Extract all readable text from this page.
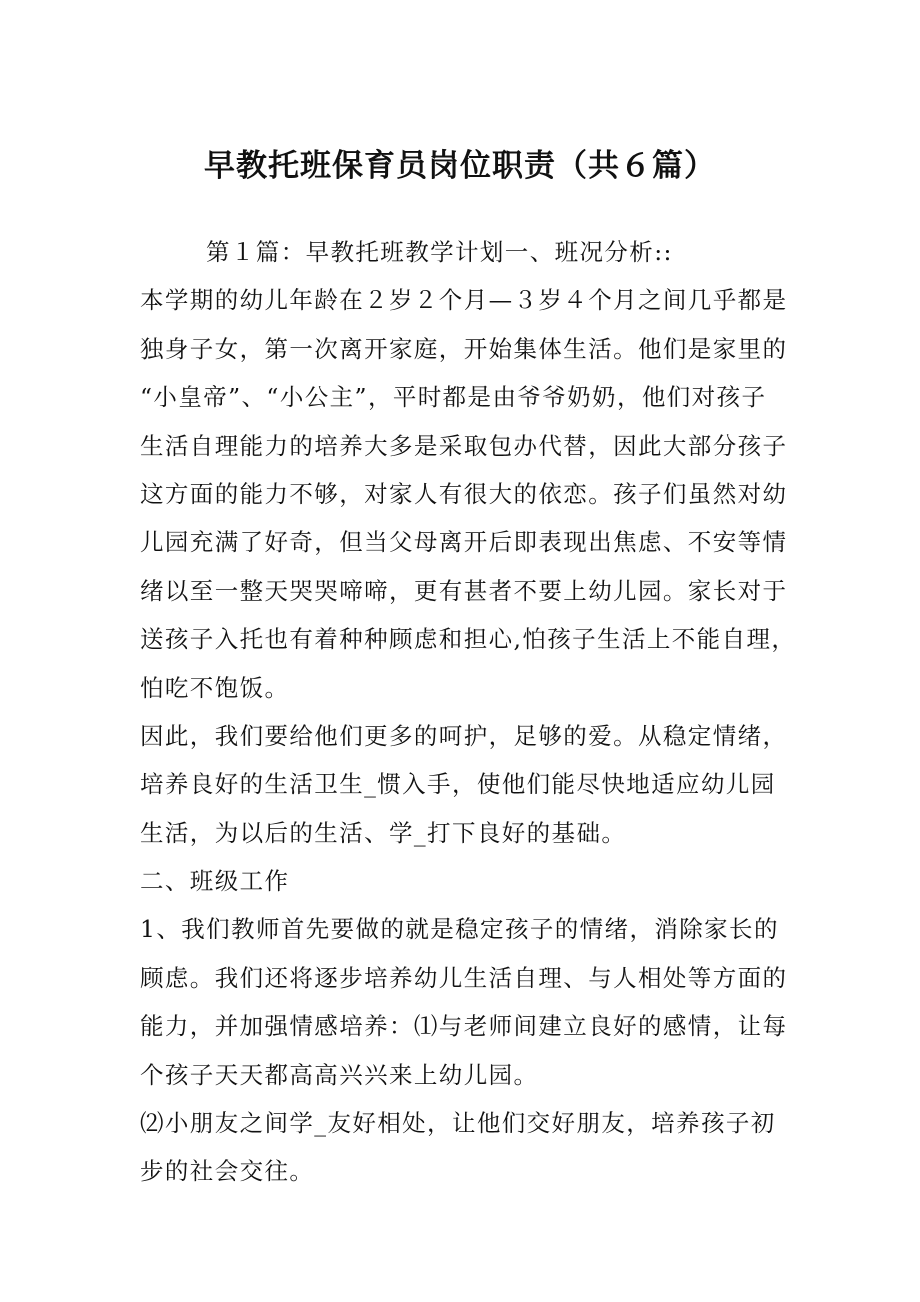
早教托班保育员岗位职责（共６篇）
第１篇：早教托班教学计划一、班况分析::
本学期的幼儿年龄在２岁２个月—３岁４个月之间几乎都是
独身子女，第一次离开家庭，开始集体生活。他们是家里的
“小皇帝”、“小公主”，平时都是由爷爷奶奶，他们对孩子
生活自理能力的培养大多是采取包办代替，因此大部分孩子
这方面的能力不够，对家人有很大的依恋。孩子们虽然对幼
儿园充满了好奇，但当父母离开后即表现出焦虑、不安等情
绪以至一整天哭哭啼啼，更有甚者不要上幼儿园。家长对于
送孩子入托也有着种种顾虑和担心,怕孩子生活上不能自理，
怕吃不饱饭。
因此，我们要给他们更多的呵护，足够的爱。从稳定情绪，
培养良好的生活卫生_惯入手，使他们能尽快地适应幼儿园
生活，为以后的生活、学_打下良好的基础。
二、班级工作
1、我们教师首先要做的就是稳定孩子的情绪，消除家长的
顾虑。我们还将逐步培养幼儿生活自理、与人相处等方面的
能力，并加强情感培养：⑴与老师间建立良好的感情，让每
个孩子天天都高高兴兴来上幼儿园。
⑵小朋友之间学_友好相处，让他们交好朋友，培养孩子初
步的社会交往。
